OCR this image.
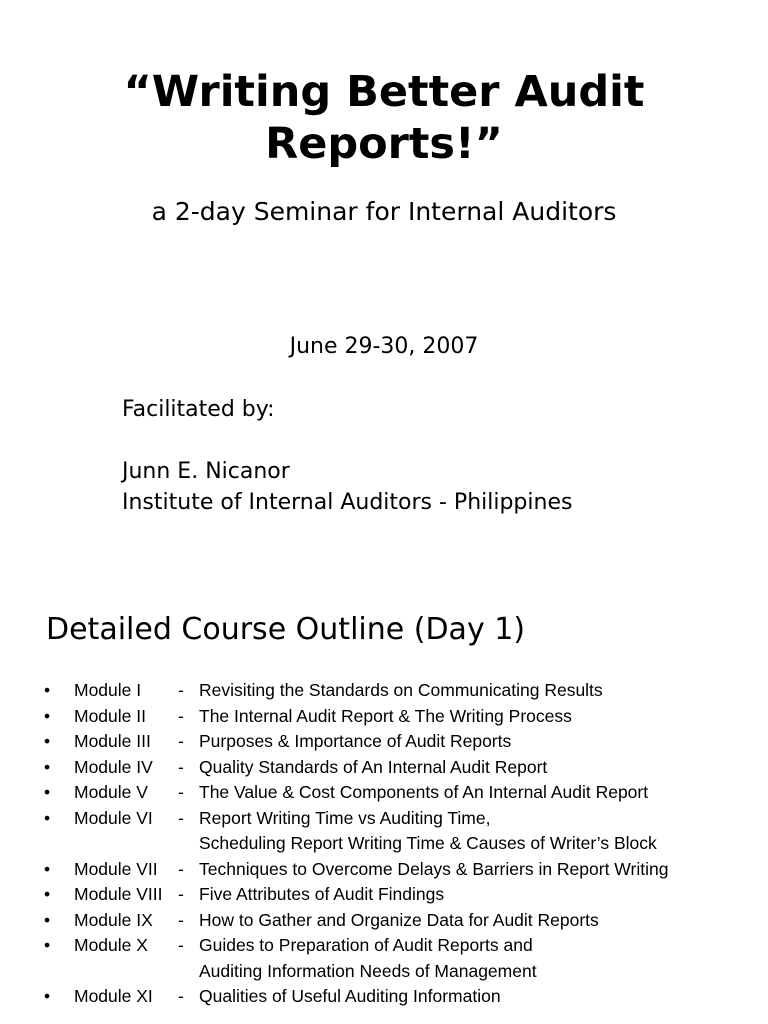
“Writing Better Audit
Reports!”
a 2-day Seminar for Internal Auditors
June 29-30, 2007
Facilitated by:
Junn E. Nicanor
Institute of Internal Auditors - Philippines
Detailed Course Outline (Day 1)
• Module I - Revisiting the Standards on Communicating Results
• Module II - The Internal Audit Report & The Writing Process
• Module III - Purposes & Importance of Audit Reports
• Module IV - Quality Standards of An Internal Audit Report
• Module V - The Value & Cost Components of An Internal Audit Report
• Module VI - Report Writing Time vs Auditing Time,
Scheduling Report Writing Time & Causes of Writer’s Block
• Module VII - Techniques to Overcome Delays & Barriers in Report Writing
• Module VIII - Five Attributes of Audit Findings
• Module IX - How to Gather and Organize Data for Audit Reports
• Module X - Guides to Preparation of Audit Reports and
Auditing Information Needs of Management
• Module XI - Qualities of Useful Auditing Information
